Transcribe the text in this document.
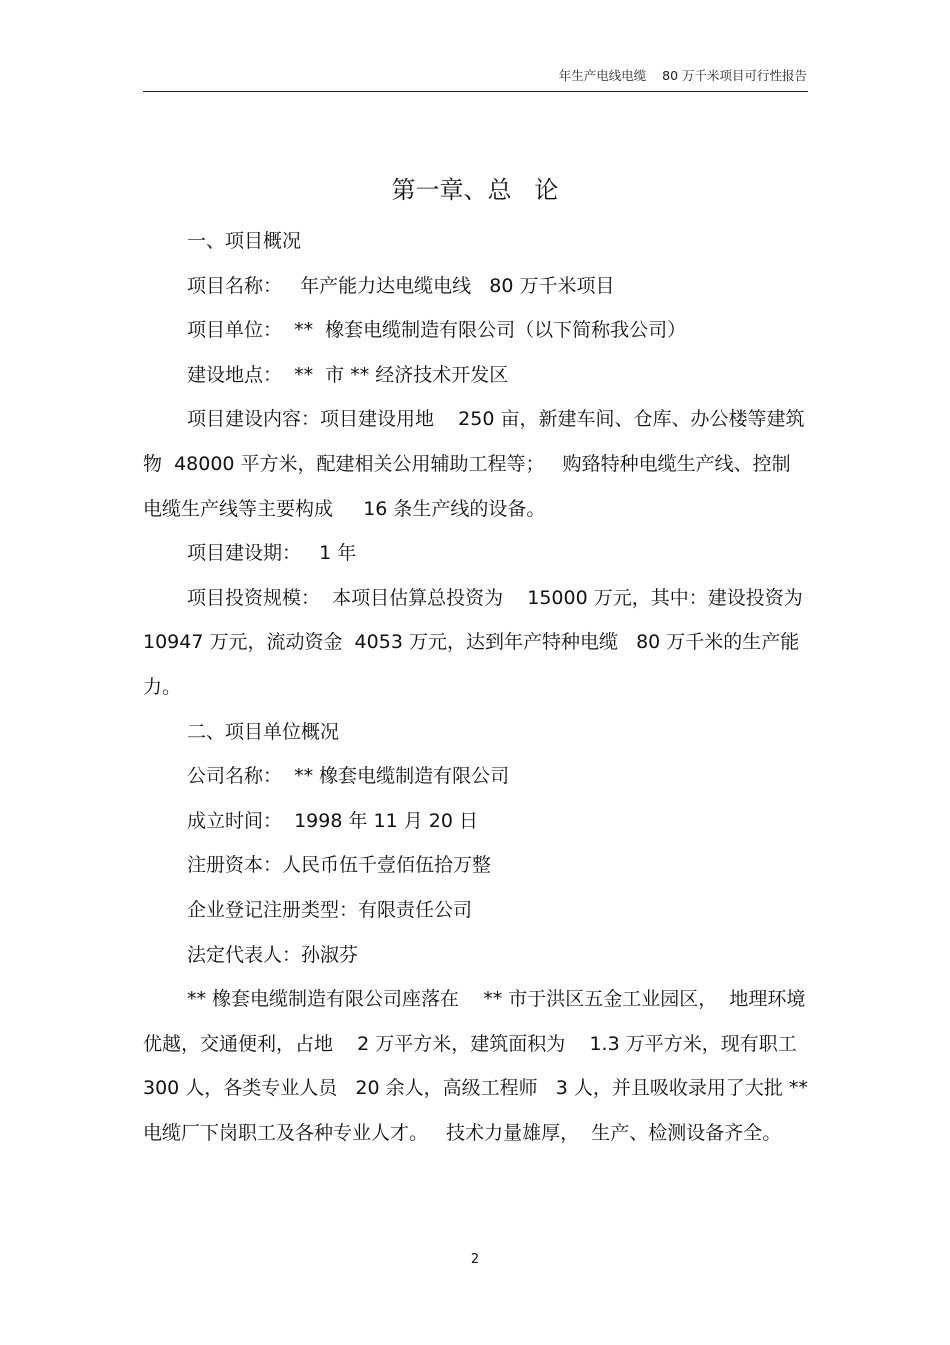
年生产电线电缆    80 万千米项目可行性报告
第一章、总   论

一、项目概况

项目名称：   年产能力达电缆电线   80 万千米项目

项目单位：  **  橡套电缆制造有限公司（以下简称我公司）

建设地点：  **  市 ** 经济技术开发区

项目建设内容：项目建设用地    250 亩，新建车间、仓库、办公楼等建筑物  48000 平方米，配建相关公用辅助工程等；   购臵特种电缆生产线、控制电缆生产线等主要构成     16 条生产线的设备。

项目建设期：   1 年

项目投资规模：  本项目估算总投资为    15000 万元，其中：建设投资为 10947 万元，流动资金  4053 万元，达到年产特种电缆   80 万千米的生产能力。

二、项目单位概况

公司名称：  ** 橡套电缆制造有限公司

成立时间：  1998 年 11 月 20 日

注册资本：人民币伍千壹佰伍拾万整

企业登记注册类型：有限责任公司

法定代表人：孙淑芬

** 橡套电缆制造有限公司座落在    ** 市于洪区五金工业园区，  地理环境优越，交通便利，占地    2 万平方米，建筑面积为    1.3 万平方米，现有职工  300 人，各类专业人员   20 余人，高级工程师   3 人，并且吸收录用了大批 ** 电缆厂下岗职工及各种专业人才。   技术力量雄厚，  生产、检测设备齐全。

2
